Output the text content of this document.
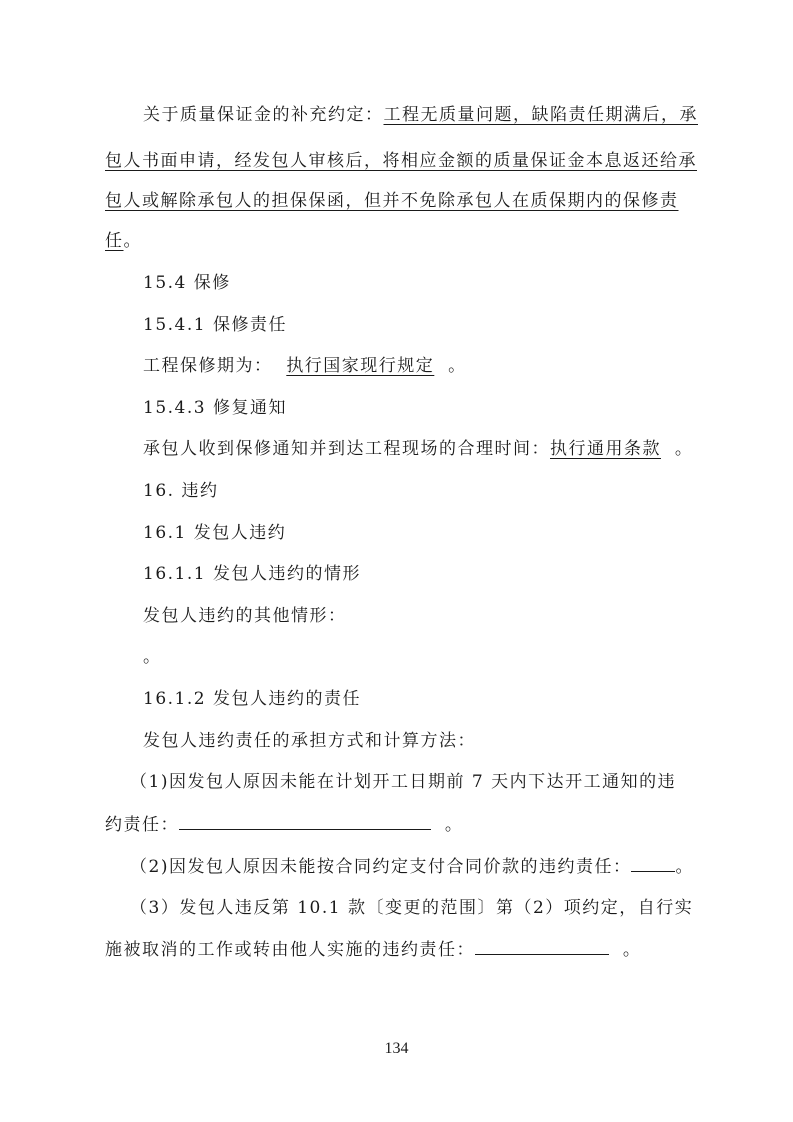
关于质量保证金的补充约定：工程无质量问题，缺陷责任期满后，承
包人书面申请，经发包人审核后，将相应金额的质量保证金本息返还给承
包人或解除承包人的担保保函，但并不免除承包人在质保期内的保修责
任。
15.4 保修
15.4.1 保修责任
工程保修期为： 执行国家现行规定 。
15.4.3 修复通知
承包人收到保修通知并到达工程现场的合理时间：执行通用条款 。
16. 违约
16.1 发包人违约
16.1.1 发包人违约的情形
发包人违约的其他情形：
。
16.1.2 发包人违约的责任
发包人违约责任的承担方式和计算方法：
（1)因发包人原因未能在计划开工日期前 7 天内下达开工通知的违
约责任：	。
（2)因发包人原因未能按合同约定支付合同价款的违约责任：	。
（3）发包人违反第 10.1 款〔变更的范围〕第（2）项约定，自行实
施被取消的工作或转由他人实施的违约责任：	。
134
